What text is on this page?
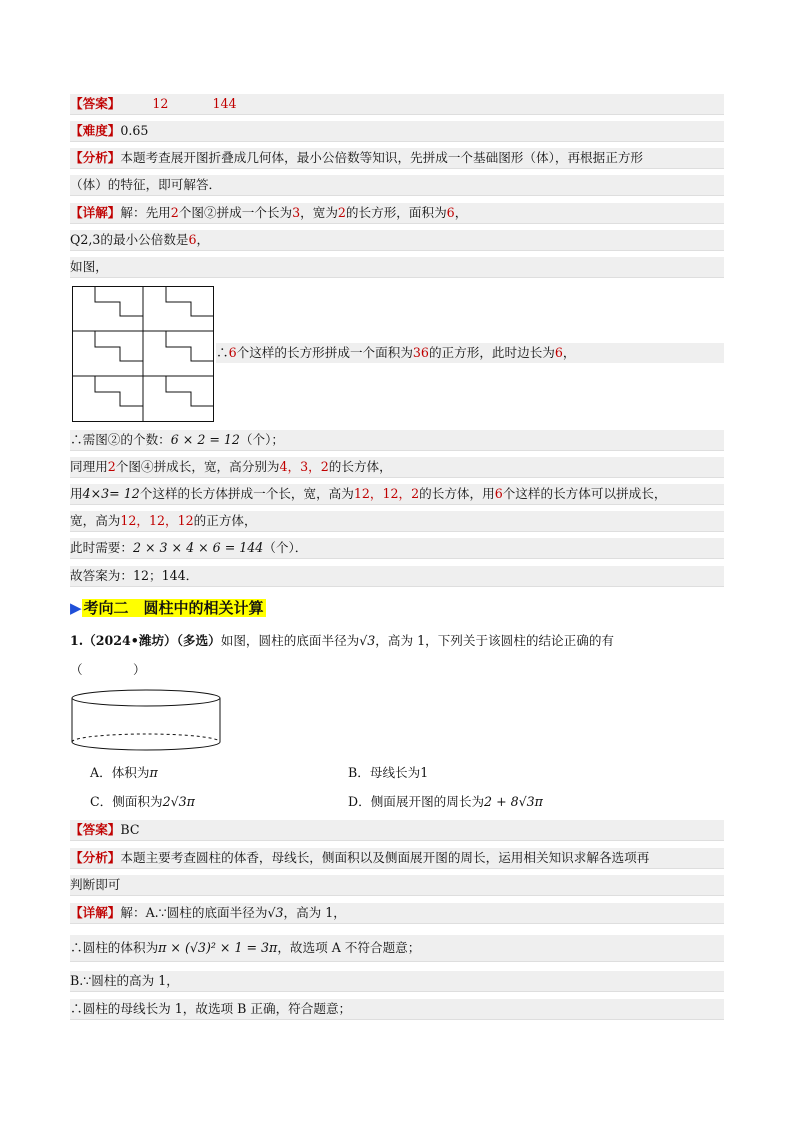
【答案】	12	144
【难度】0.65
【分析】本题考查展开图折叠成几何体，最小公倍数等知识，先拼成一个基础图形（体），再根据正方形
（体）的特征，即可解答．
【详解】解：先用2个图②拼成一个长为3，宽为2的长方形，面积为6，
Q2,3的最小公倍数是6，
如图，
∴6个这样的长方形拼成一个面积为36的正方形，此时边长为6，
∴需图②的个数：6 × 2 = 12（个）；
同理用2个图④拼成长，宽，高分别为4，3，2的长方体，
用4×3= 12个这样的长方体拼成一个长，宽，高为12，12，2的长方体，用6个这样的长方体可以拼成长，
宽，高为12，12，12的正方体，
此时需要：2 × 3 × 4 × 6 = 144（个）．
故答案为：12；144．
▶ 考向二　圆柱中的相关计算
1.（2024•潍坊）（多选）如图，圆柱的底面半径为√3，高为 1，下列关于该圆柱的结论正确的有
（　　　　）
A．体积为π	B．母线长为1
C．侧面积为2√3π	D．侧面展开图的周长为2 + 8√3π
【答案】BC
【分析】本题主要考查圆柱的体香，母线长，侧面积以及侧面展开图的周长，运用相关知识求解各选项再
判断即可
【详解】解：A.∵圆柱的底面半径为√3，高为 1，
∴圆柱的体积为π × (√3)² × 1 = 3π，故选项 A 不符合题意；
B.∵圆柱的高为 1，
∴圆柱的母线长为 1，故选项 B 正确，符合题意；
